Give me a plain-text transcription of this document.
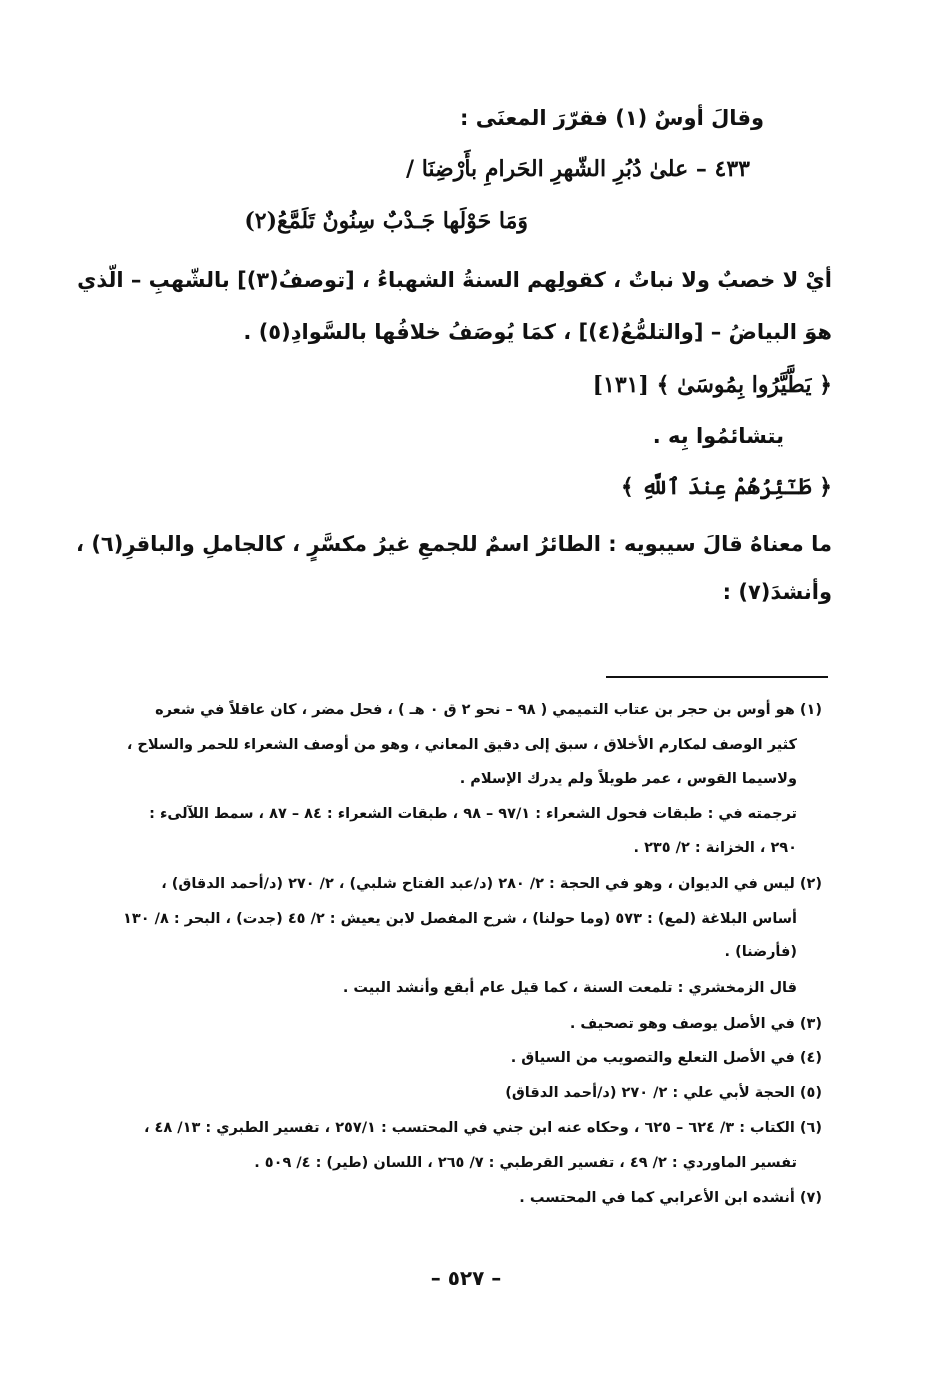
وقالَ أوسٌ (١) فقرّرَ المعنَى :
٤٣٣ – علىٰ دُبُرِ الشّهرِ الحَرامِ بأَرْضِنَا /
وَمَا حَوْلَها جَـدْبٌ سِنُونٌ تَلَمَّعُ(٢)
أيْ لا خصبٌ ولا نباتٌ ، كقولِهم السنةُ الشهباءُ ، [توصفُ(٣)] بالشّهبِ – الّذي
هوَ البياضُ – [والتلمُّعُ(٤)] ، كمَا يُوصَفُ خلافُها بالسَّوادِ(٥) .
﴿ يَطَّيَّرُوا بِمُوسَىٰ ﴾ [١٣١]
يتشائمُوا بِه .
﴿ طَـٰٓئِرُهُمْ عِندَ ٱللَّهِ ﴾
ما معناهُ قالَ سيبويه : الطائرُ اسمٌ للجمعِ غيرُ مكسَّرٍ ، كالجاملِ والباقرِ(٦) ،
وأنشدَ(٧) :
(١) هو أوس بن حجر بن عتاب التميمي ( ٩٨ – نحو ٢ ق ٠ هـ ) ، فحل مضر ، كان عاقلاً في شعره
كثير الوصف لمكارم الأخلاق ، سبق إلى دقيق المعاني ، وهو من أوصف الشعراء للحمر والسلاح ،
ولاسيما القوس ، عمر طويلاً ولم يدرك الإسلام .
ترجمته في : طبقات فحول الشعراء : ٩٧/١ – ٩٨ ، طبقات الشعراء : ٨٤ – ٨٧ ، سمط اللآلىء :
٢٩٠ ، الخزانة : ٢/ ٢٣٥ .
(٢) ليس في الديوان ، وهو في الحجة : ٢/ ٢٨٠ (د/عبد الفتاح شلبي) ، ٢/ ٢٧٠ (د/أحمد الدقاق) ،
أساس البلاغة (لمع) : ٥٧٣ (وما حولنا) ، شرح المفصل لابن يعيش : ٢/ ٤٥ (جدت) ، البحر : ٨/ ١٣٠
(فأرضنا) .
قال الزمخشري : تلمعت السنة ، كما قيل عام أبقع وأنشد البيت .
(٣) في الأصل يوصف وهو تصحيف .
(٤) في الأصل التعلع والتصويب من السياق .
(٥) الحجة لأبي علي : ٢/ ٢٧٠ (د/أحمد الدقاق)
(٦) الكتاب : ٣/ ٦٢٤ – ٦٢٥ ، وحكاه عنه ابن جني في المحتسب : ٢٥٧/١ ، تفسير الطبري : ١٣/ ٤٨ ،
تفسير الماوردي : ٢/ ٤٩ ، تفسير القرطبي : ٧/ ٢٦٥ ، اللسان (طير) : ٤/ ٥٠٩ .
(٧) أنشده ابن الأعرابي كما في المحتسب .
– ٥٢٧ –
